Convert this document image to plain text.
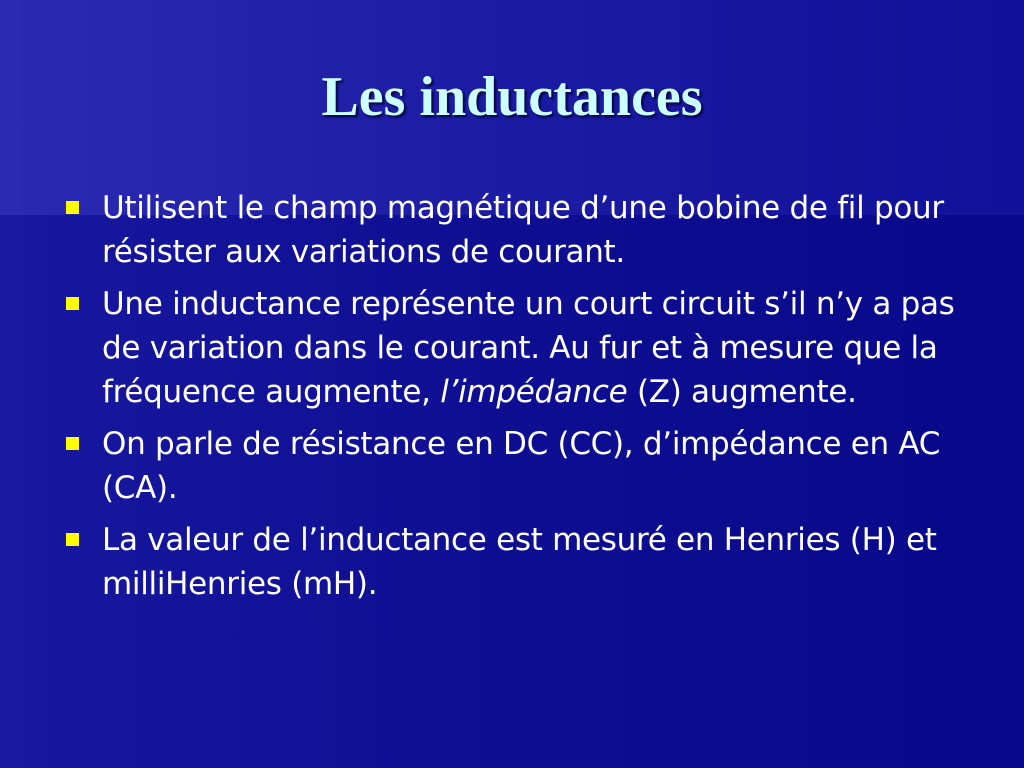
Les inductances
Utilisent le champ magnétique d’une bobine de fil pour résister aux variations de courant.
Une inductance représente un court circuit s’il n’y a pas de variation dans le courant. Au fur et à mesure que la fréquence augmente, l’impédance (Z) augmente.
On parle de résistance en DC (CC), d’impédance en AC (CA).
La valeur de l’inductance est mesuré en Henries (H) et milliHenries (mH).
